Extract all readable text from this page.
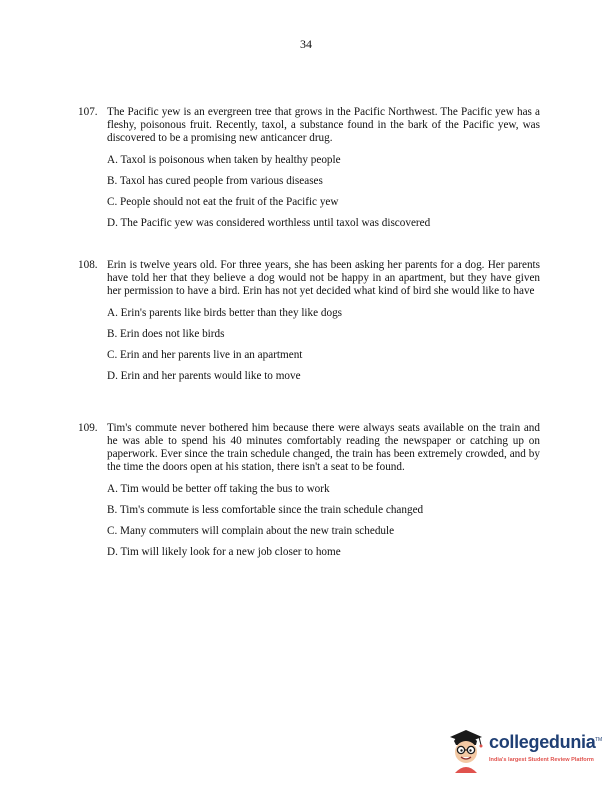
34
107. The Pacific yew is an evergreen tree that grows in the Pacific Northwest. The Pacific yew has a fleshy, poisonous fruit. Recently, taxol, a substance found in the bark of the Pacific yew, was discovered to be a promising new anticancer drug.
A. Taxol is poisonous when taken by healthy people
B. Taxol has cured people from various diseases
C. People should not eat the fruit of the Pacific yew
D. The Pacific yew was considered worthless until taxol was discovered
108. Erin is twelve years old. For three years, she has been asking her parents for a dog. Her parents have told her that they believe a dog would not be happy in an apartment, but they have given her permission to have a bird. Erin has not yet decided what kind of bird she would like to have
A. Erin's parents like birds better than they like dogs
B. Erin does not like birds
C. Erin and her parents live in an apartment
D. Erin and her parents would like to move
109. Tim's commute never bothered him because there were always seats available on the train and he was able to spend his 40 minutes comfortably reading the newspaper or catching up on paperwork. Ever since the train schedule changed, the train has been extremely crowded, and by the time the doors open at his station, there isn't a seat to be found.
A. Tim would be better off taking the bus to work
B. Tim's commute is less comfortable since the train schedule changed
C. Many commuters will complain about the new train schedule
D. Tim will likely look for a new job closer to home
collegedunia TM
India's largest Student Review Platform
